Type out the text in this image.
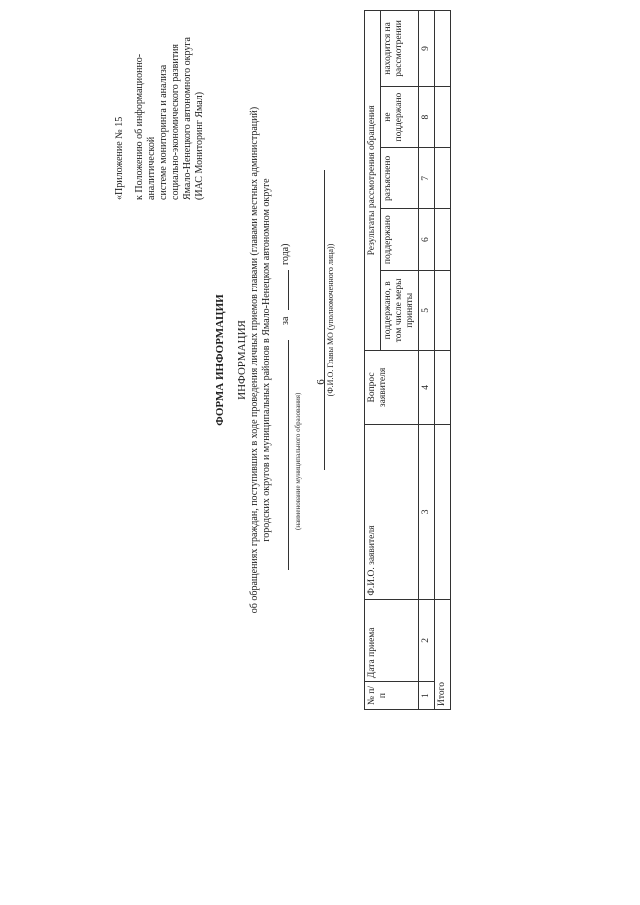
6
«Приложение № 15 к Положению об информационно-аналитической системе мониторинга и анализа социально-экономического развития Ямало-Ненецкого автономного округа (ИАС Мониторинг Ямал)
ФОРМА ИНФОРМАЦИИ ИНФОРМАЦИЯ об обращениях граждан, поступивших в ходе проведения личных приемов главами (главами местных администраций) городских округов и муниципальных районов в Ямало-Ненецком автономном округе за
года)
(наименование муниципального образования)
(Ф.И.О. Главы МО (уполномоченного лица))
№ п/п	Дата приема	Ф.И.О. заявителя	Вопрос заявителя	Результаты рассмотрения обращения				
				поддержано, в том числе меры приняты	поддержано	разъяснено	не поддержано	находится на рассмотрении
1	2	3	4	5	6	7	8	9
Итого								
